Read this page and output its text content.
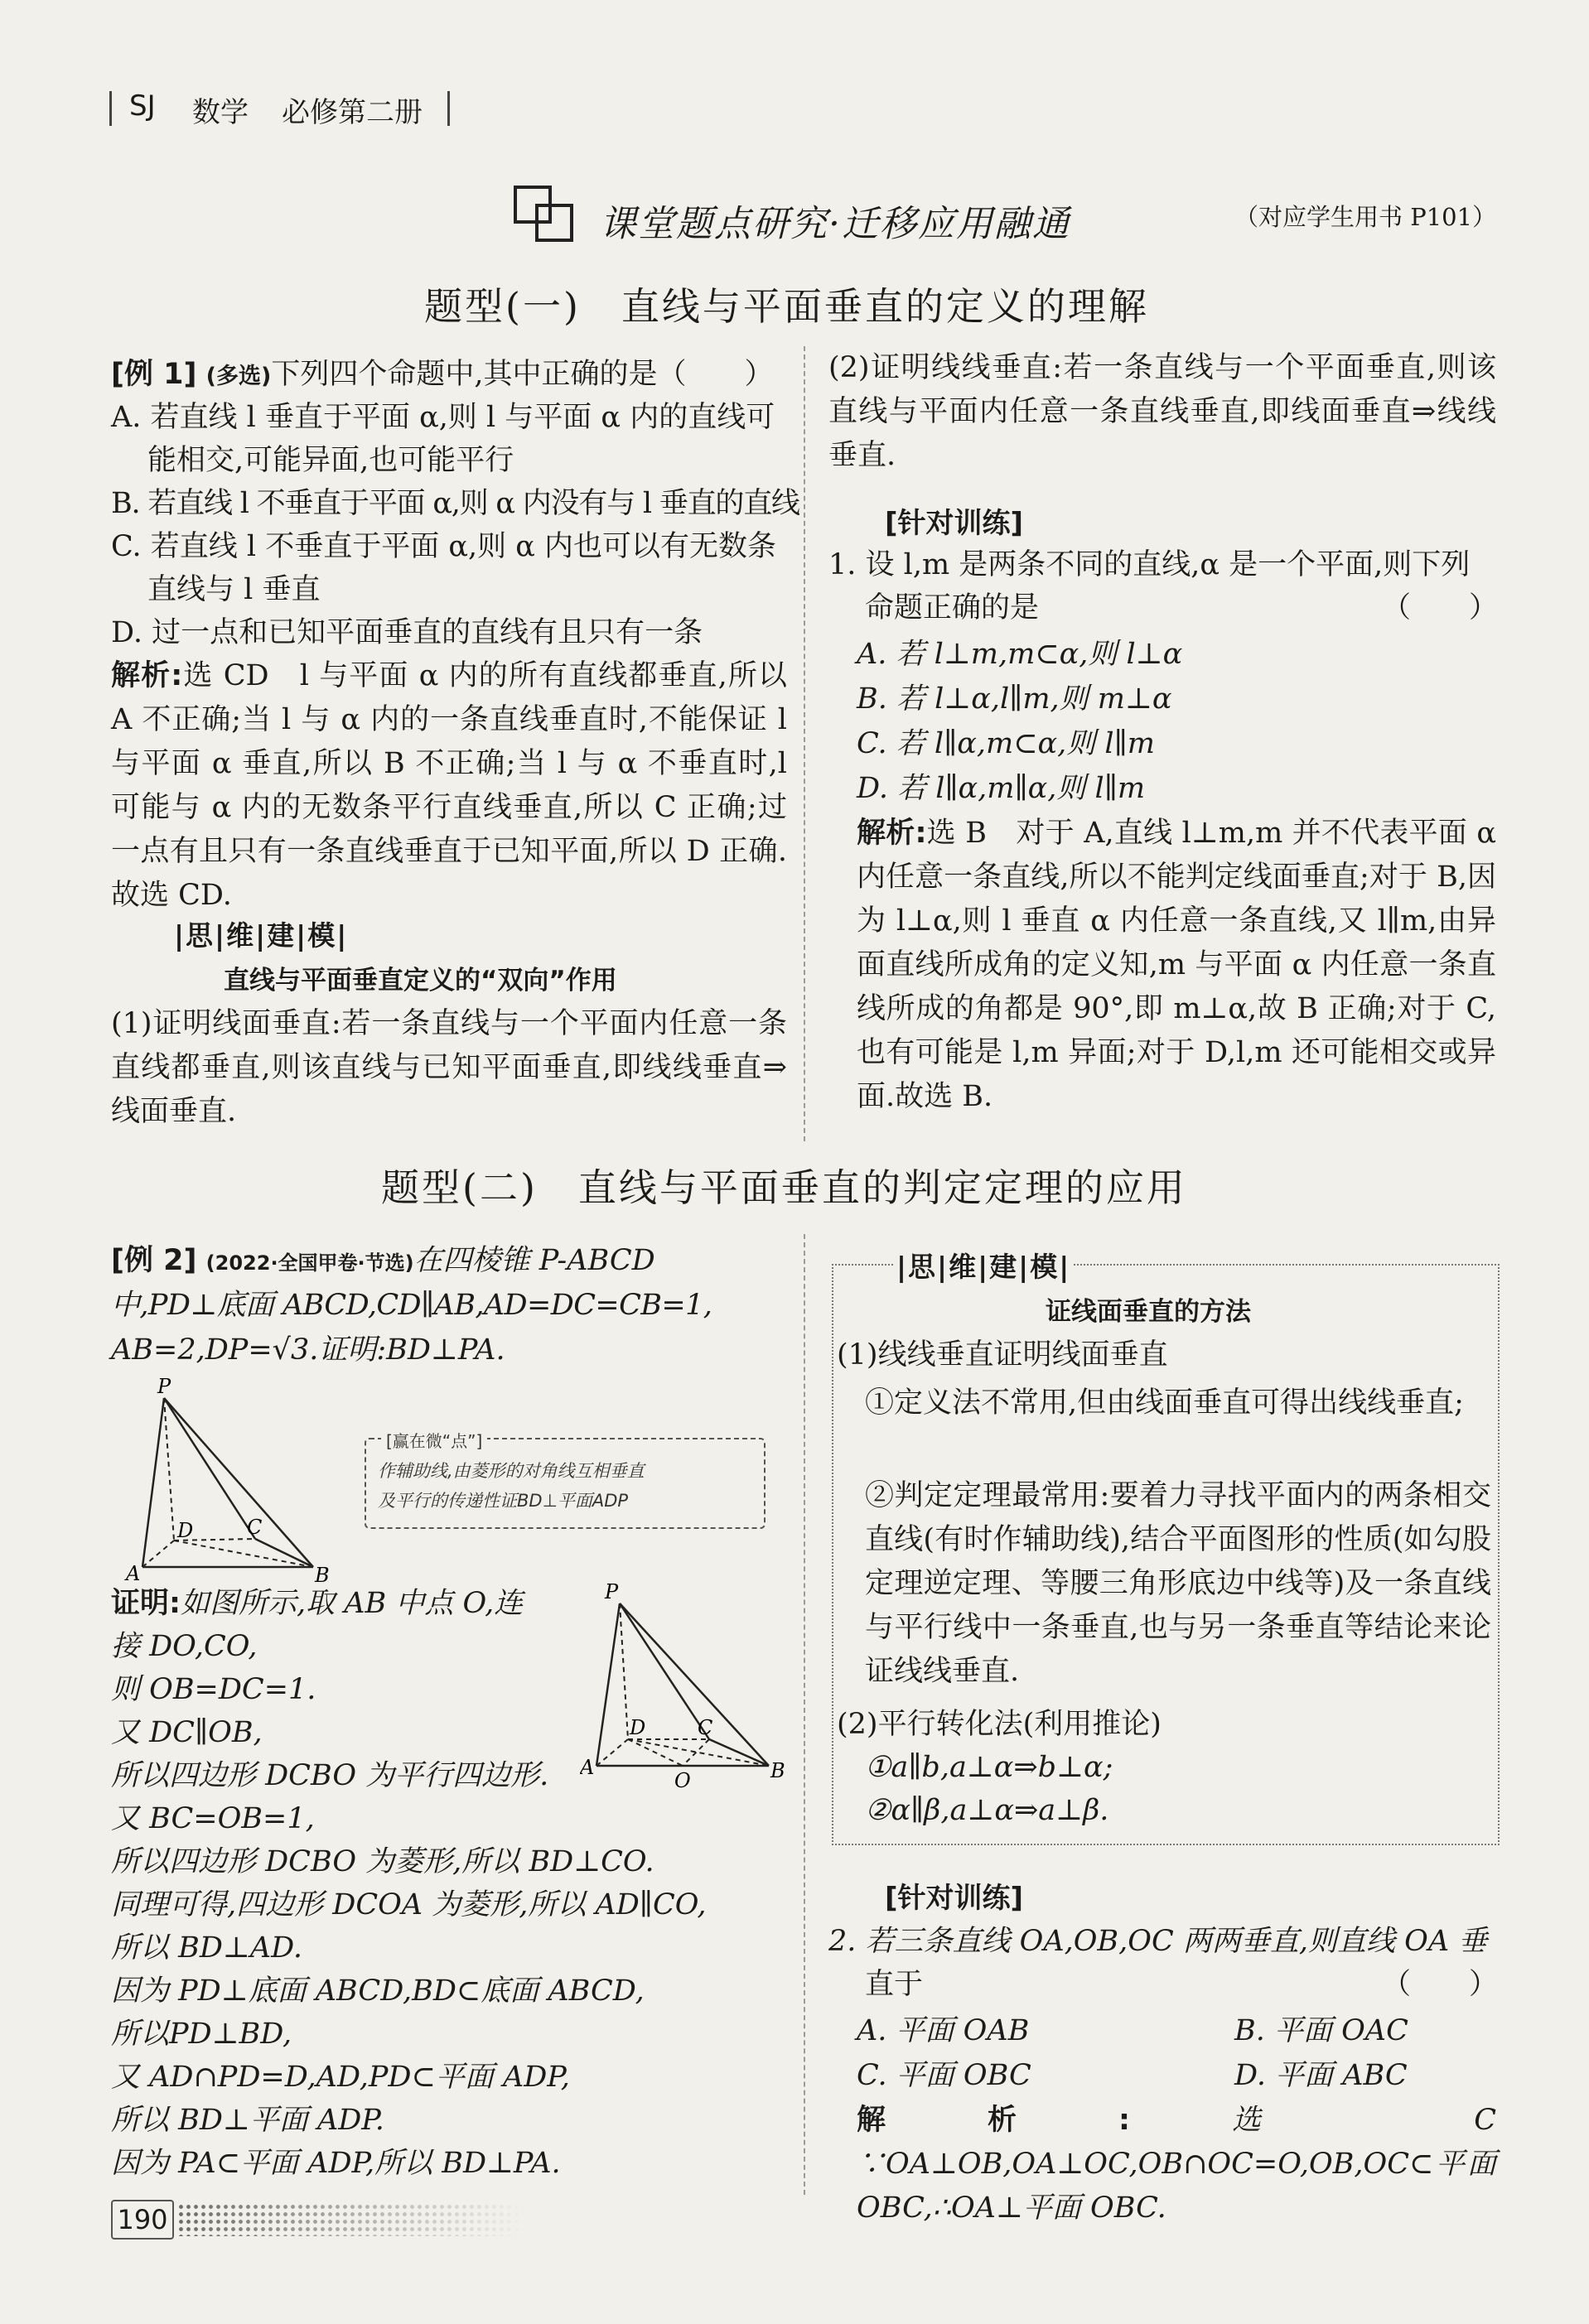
SJ 数学 必修第二册
课堂题点研究·迁移应用融通	（对应学生用书 P101）
题型(一)　直线与平面垂直的定义的理解
[例 1] (多选)下列四个命题中,其中正确的是（　　）
A. 若直线 l 垂直于平面 α,则 l 与平面 α 内的直线可
能相交,可能异面,也可能平行
B. 若直线 l 不垂直于平面 α,则 α 内没有与 l 垂直的直线
C. 若直线 l 不垂直于平面 α,则 α 内也可以有无数条
直线与 l 垂直
D. 过一点和已知平面垂直的直线有且只有一条
解析:选 CD　l 与平面 α 内的所有直线都垂直,所以 A 不正确;当 l 与 α 内的一条直线垂直时,不能保证 l 与平面 α 垂直,所以 B 不正确;当 l 与 α 不垂直时,l 可能与 α 内的无数条平行直线垂直,所以 C 正确;过一点有且只有一条直线垂直于已知平面,所以 D 正确.故选 CD.
|思|维|建|模|
直线与平面垂直定义的“双向”作用
(1)证明线面垂直:若一条直线与一个平面内任意一条直线都垂直,则该直线与已知平面垂直,即线线垂直⇒线面垂直.
(2)证明线线垂直:若一条直线与一个平面垂直,则该直线与平面内任意一条直线垂直,即线面垂直⇒线线垂直.
[针对训练]
1. 设 l,m 是两条不同的直线,α 是一个平面,则下列
命题正确的是	（　　）
A. 若 l⊥m,m⊂α,则 l⊥α
B. 若 l⊥α,l∥m,则 m⊥α
C. 若 l∥α,m⊂α,则 l∥m
D. 若 l∥α,m∥α,则 l∥m
解析:选 B　对于 A,直线 l⊥m,m 并不代表平面 α 内任意一条直线,所以不能判定线面垂直;对于 B,因为 l⊥α,则 l 垂直 α 内任意一条直线,又 l∥m,由异面直线所成角的定义知,m 与平面 α 内任意一条直线所成的角都是 90°,即 m⊥α,故 B 正确;对于 C,也有可能是 l,m 异面;对于 D,l,m 还可能相交或异面.故选 B.
题型(二)　直线与平面垂直的判定定理的应用
[例 2] (2022·全国甲卷·节选)在四棱锥 P-ABCD
中,PD⊥底面 ABCD,CD∥AB,AD=DC=CB=1,
AB=2,DP=√3.证明:BD⊥PA.
P
A	B
C
D
[赢在微“点”]
作辅助线,由菱形的对角线互相垂直
及平行的传递性证BD⊥平面ADP
证明:如图所示,取 AB 中点 O,连
接 DO,CO,
则 OB=DC=1.
又 DC∥OB,
所以四边形 DCBO 为平行四边形.
又 BC=OB=1,
所以四边形 DCBO 为菱形,所以 BD⊥CO.
同理可得,四边形 DCOA 为菱形,所以 AD∥CO,
所以 BD⊥AD.
因为 PD⊥底面 ABCD,BD⊂底面 ABCD,
所以PD⊥BD,
又 AD∩PD=D,AD,PD⊂平面 ADP,
所以 BD⊥平面 ADP.
因为 PA⊂平面 ADP,所以 BD⊥PA.
P
A	B
C
D
O
|思|维|建|模|
证线面垂直的方法
(1)线线垂直证明线面垂直
①定义法不常用,但由线面垂直可得出线线垂直;
②判定定理最常用:要着力寻找平面内的两条相交直线(有时作辅助线),结合平面图形的性质(如勾股定理逆定理、等腰三角形底边中线等)及一条直线与平行线中一条垂直,也与另一条垂直等结论来论证线线垂直.
(2)平行转化法(利用推论)
①a∥b,a⊥α⇒b⊥α;
②α∥β,a⊥α⇒a⊥β.
[针对训练]
2. 若三条直线 OA,OB,OC 两两垂直,则直线 OA 垂
直于	（　　）
A. 平面 OAB	B. 平面 OAC
C. 平面 OBC	D. 平面 ABC
解析:选 C　∵OA⊥OB,OA⊥OC,OB∩OC=O,OB,OC⊂平面 OBC,∴OA⊥平面 OBC.
190
